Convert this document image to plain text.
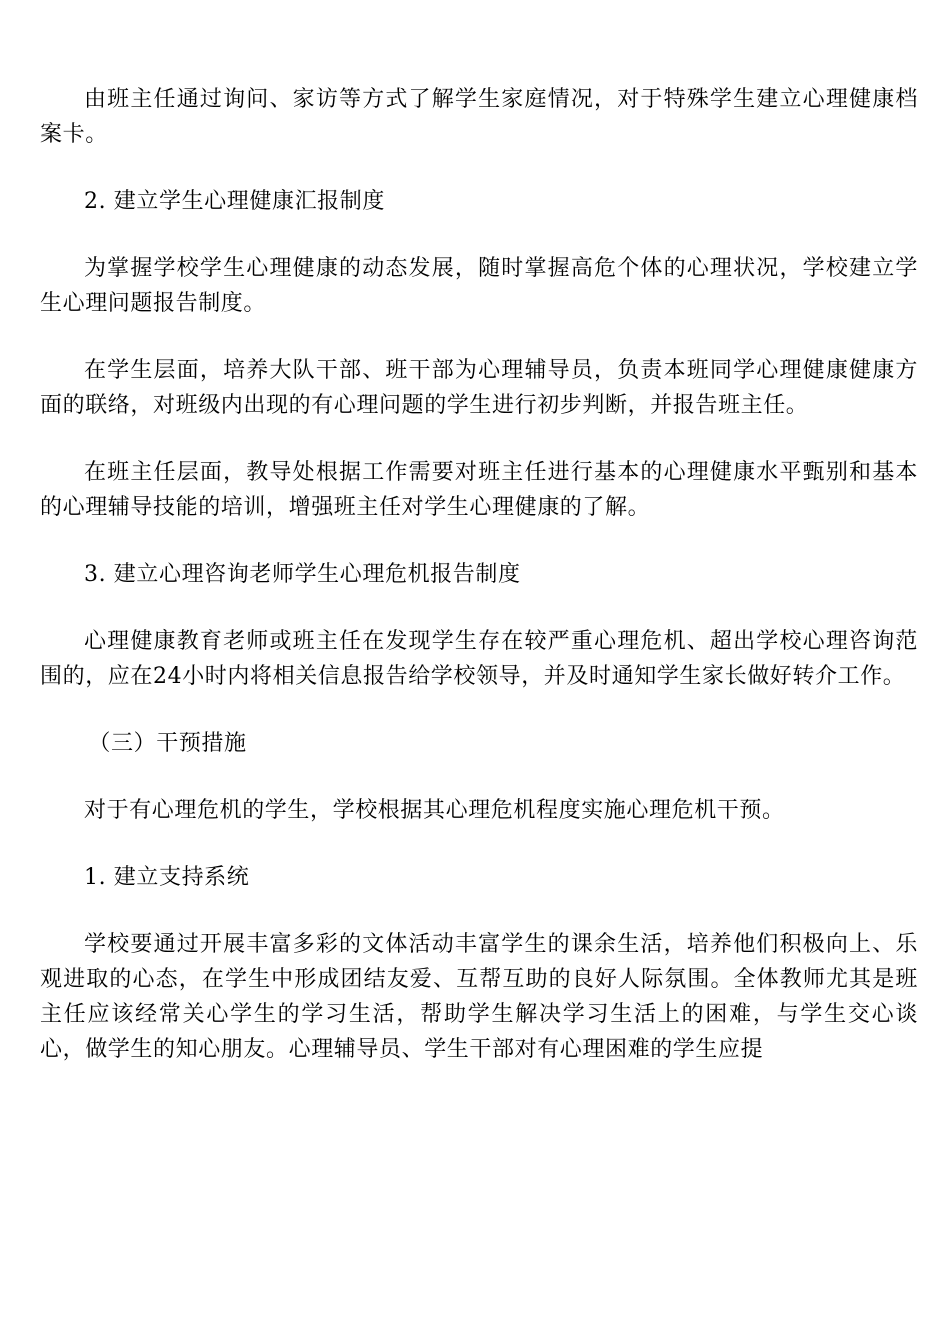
由班主任通过询问、家访等方式了解学生家庭情况，对于特殊学生建立心理健康档案卡。

2. 建立学生心理健康汇报制度

为掌握学校学生心理健康的动态发展，随时掌握高危个体的心理状况，学校建立学生心理问题报告制度。

在学生层面，培养大队干部、班干部为心理辅导员，负责本班同学心理健康健康方面的联络，对班级内出现的有心理问题的学生进行初步判断，并报告班主任。

在班主任层面，教导处根据工作需要对班主任进行基本的心理健康水平甄别和基本的心理辅导技能的培训，增强班主任对学生心理健康的了解。

3. 建立心理咨询老师学生心理危机报告制度

心理健康教育老师或班主任在发现学生存在较严重心理危机、超出学校心理咨询范围的，应在24小时内将相关信息报告给学校领导，并及时通知学生家长做好转介工作。

（三）干预措施

对于有心理危机的学生，学校根据其心理危机程度实施心理危机干预。

1. 建立支持系统

学校要通过开展丰富多彩的文体活动丰富学生的课余生活，培养他们积极向上、乐观进取的心态，在学生中形成团结友爱、互帮互助的良好人际氛围。全体教师尤其是班主任应该经常关心学生的学习生活，帮助学生解决学习生活上的困难，与学生交心谈心，做学生的知心朋友。心理辅导员、学生干部对有心理困难的学生应提
